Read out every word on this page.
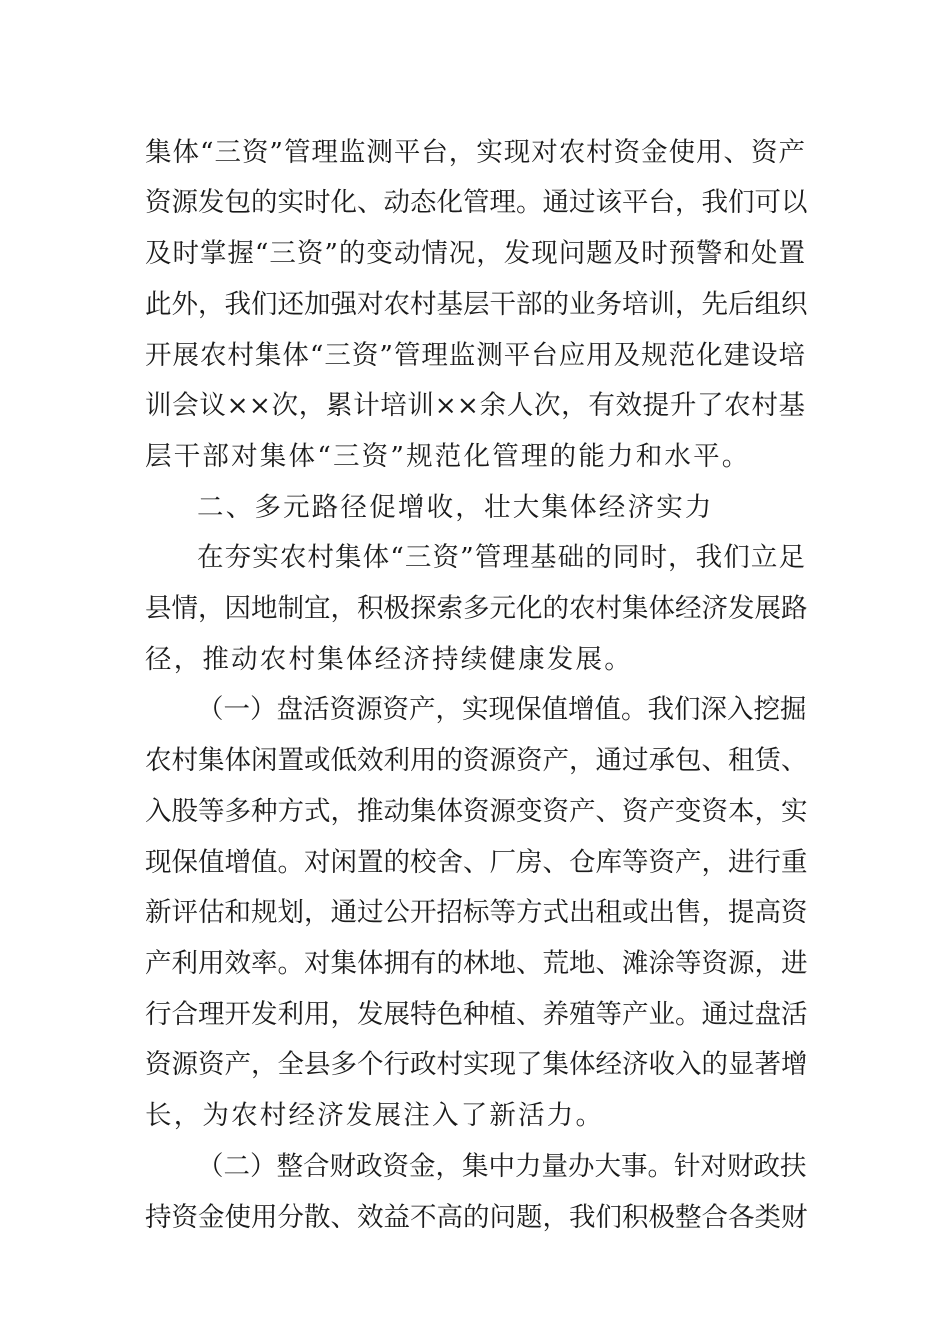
集体“三资”管理监测平台，实现对农村资金使用、资产
资源发包的实时化、动态化管理。通过该平台，我们可以
及时掌握“三资”的变动情况，发现问题及时预警和处置
此外，我们还加强对农村基层干部的业务培训，先后组织
开展农村集体“三资”管理监测平台应用及规范化建设培
训会议××次，累计培训××余人次，有效提升了农村基
层干部对集体“三资”规范化管理的能力和水平。
二、多元路径促增收，壮大集体经济实力
在夯实农村集体“三资”管理基础的同时，我们立足
县情，因地制宜，积极探索多元化的农村集体经济发展路
径，推动农村集体经济持续健康发展。
（一）盘活资源资产，实现保值增值。我们深入挖掘
农村集体闲置或低效利用的资源资产，通过承包、租赁、
入股等多种方式，推动集体资源变资产、资产变资本，实
现保值增值。对闲置的校舍、厂房、仓库等资产，进行重
新评估和规划，通过公开招标等方式出租或出售，提高资
产利用效率。对集体拥有的林地、荒地、滩涂等资源，进
行合理开发利用，发展特色种植、养殖等产业。通过盘活
资源资产，全县多个行政村实现了集体经济收入的显著增
长，为农村经济发展注入了新活力。
（二）整合财政资金，集中力量办大事。针对财政扶
持资金使用分散、效益不高的问题，我们积极整合各类财
